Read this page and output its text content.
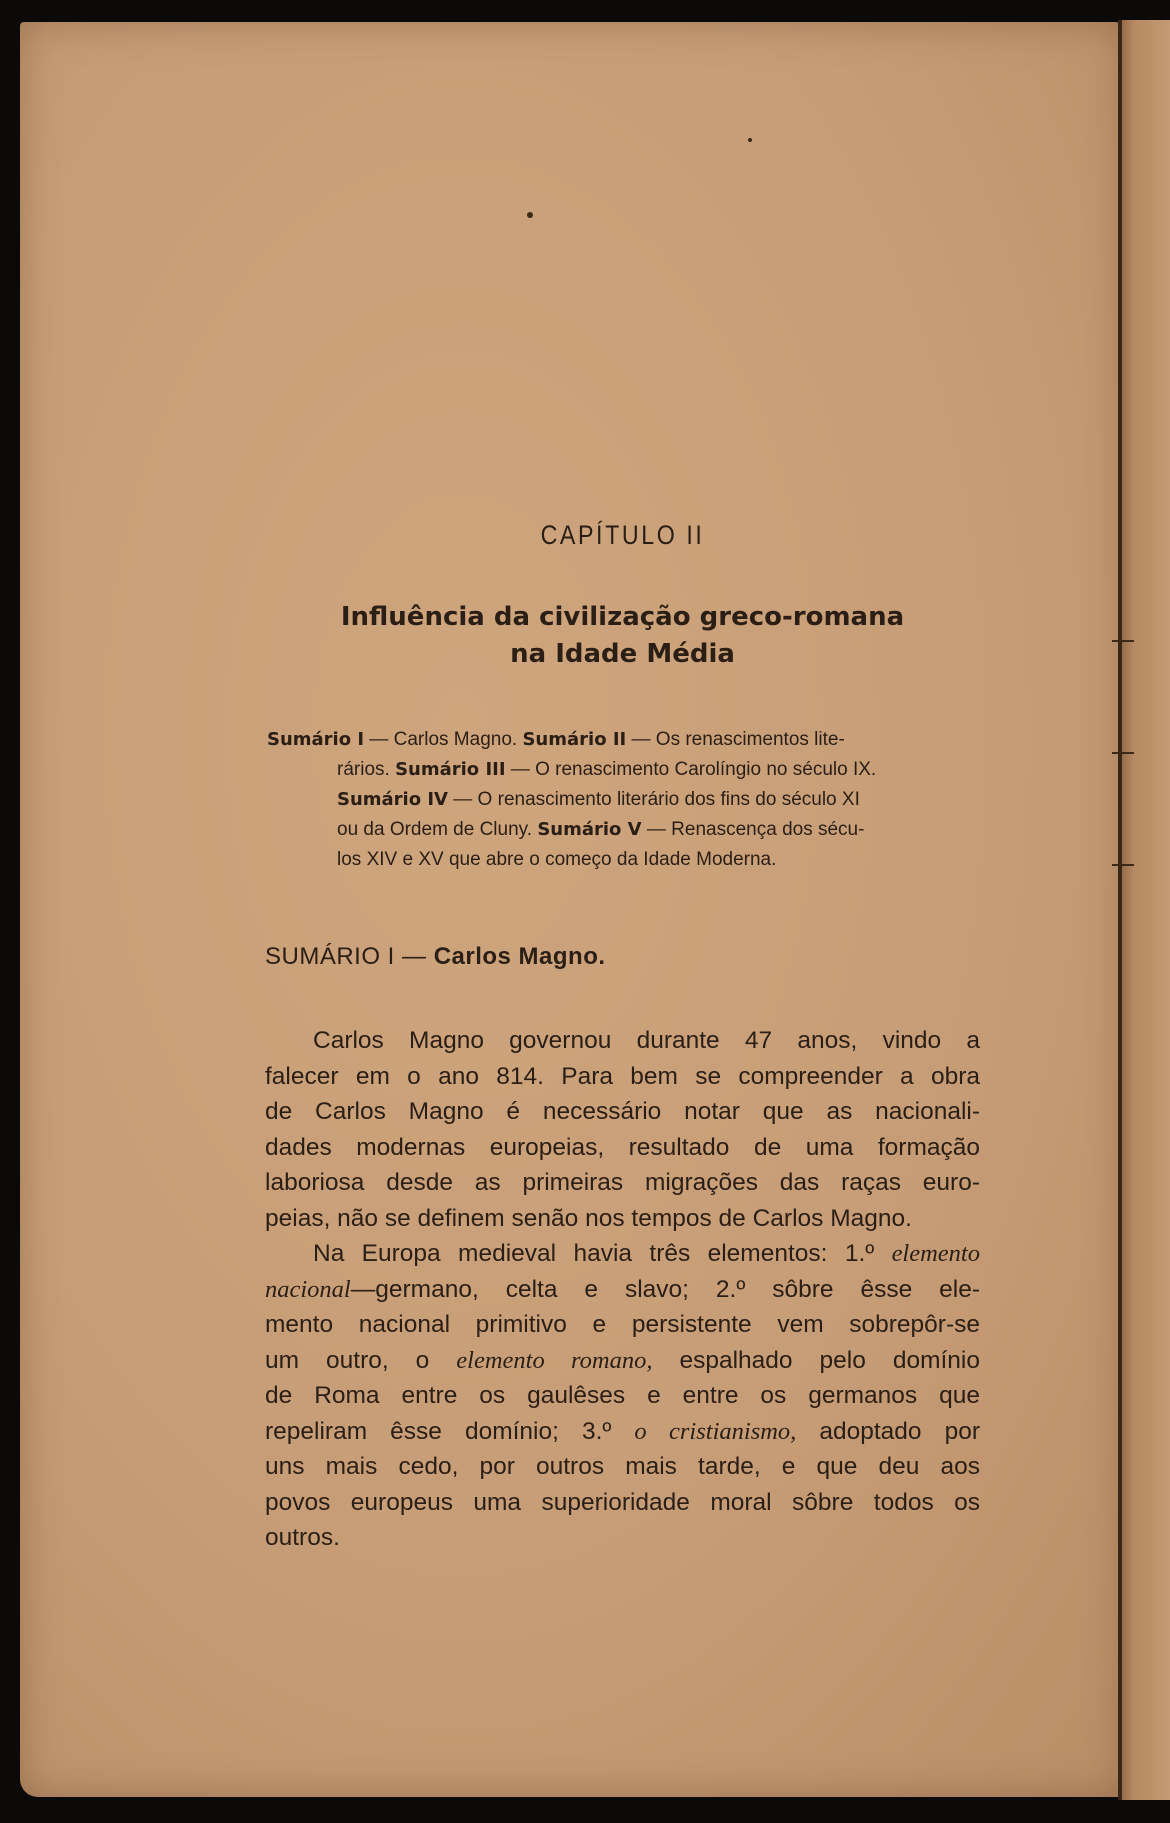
CAPÍTULO II
Influência da civilização greco-romana
na Idade Média
Sumário I — Carlos Magno. Sumário II — Os renascimentos lite-
rários. Sumário III — O renascimento Carolíngio no século IX.
Sumário IV — O renascimento literário dos fins do século XI
ou da Ordem de Cluny. Sumário V — Renascença dos sécu-
los XIV e XV que abre o começo da Idade Moderna.
SUMÁRIO I — Carlos Magno.
Carlos Magno governou durante 47 anos, vindo a
falecer em o ano 814. Para bem se compreender a obra
de Carlos Magno é necessário notar que as nacionali-
dades modernas europeias, resultado de uma formação
laboriosa desde as primeiras migrações das raças euro-
peias, não se definem senão nos tempos de Carlos Magno.
Na Europa medieval havia três elementos: 1.º elemento
nacional—germano, celta e slavo; 2.º sôbre êsse ele-
mento nacional primitivo e persistente vem sobrepôr-se
um outro, o elemento romano, espalhado pelo domínio
de Roma entre os gaulêses e entre os germanos que
repeliram êsse domínio; 3.º o cristianismo, adoptado por
uns mais cedo, por outros mais tarde, e que deu aos
povos europeus uma superioridade moral sôbre todos os
outros.
